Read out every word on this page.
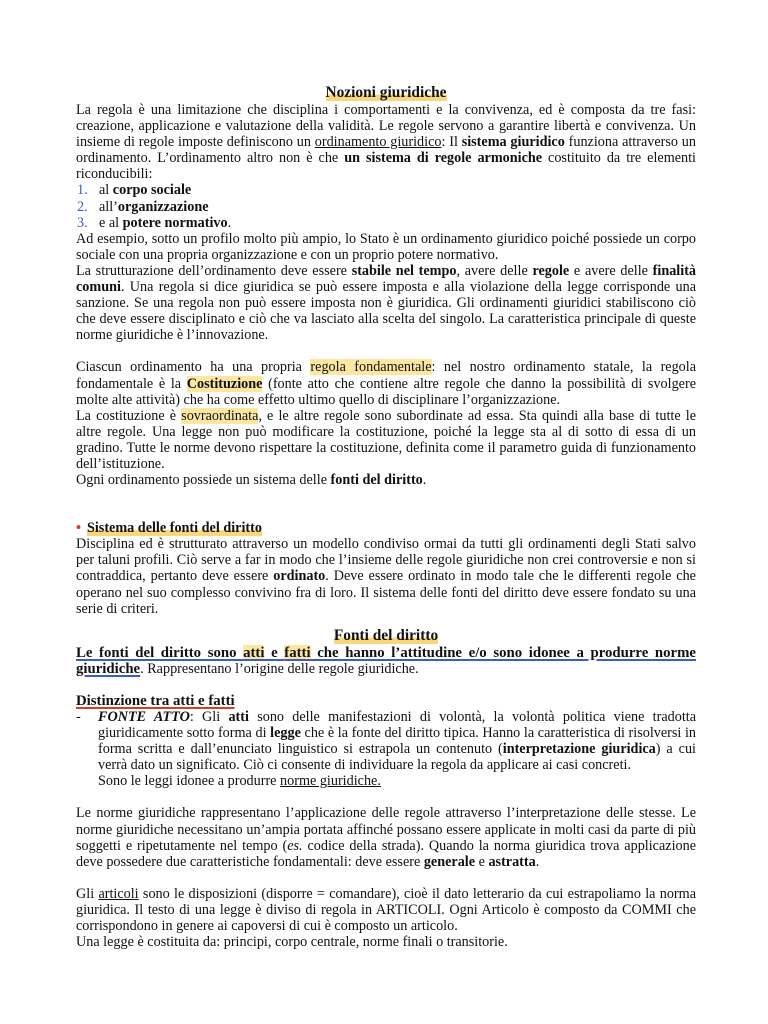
Nozioni giuridiche

La regola è una limitazione che disciplina i comportamenti e la convivenza, ed è composta da tre fasi: creazione, applicazione e valutazione della validità. Le regole servono a garantire libertà e convivenza. Un insieme di regole imposte definiscono un ordinamento giuridico: Il sistema giuridico funziona attraverso un ordinamento. L’ordinamento altro non è che un sistema di regole armoniche costituito da tre elementi riconducibili:

1. al corpo sociale
2. all’organizzazione
3. e al potere normativo.

Ad esempio, sotto un profilo molto più ampio, lo Stato è un ordinamento giuridico poiché possiede un corpo sociale con una propria organizzazione e con un proprio potere normativo.

La strutturazione dell’ordinamento deve essere stabile nel tempo, avere delle regole e avere delle finalità comuni. Una regola si dice giuridica se può essere imposta e alla violazione della legge corrisponde una sanzione. Se una regola non può essere imposta non è giuridica. Gli ordinamenti giuridici stabiliscono ciò che deve essere disciplinato e ciò che va lasciato alla scelta del singolo. La caratteristica principale di queste norme giuridiche è l’innovazione.

Ciascun ordinamento ha una propria regola fondamentale: nel nostro ordinamento statale, la regola fondamentale è la Costituzione (fonte atto che contiene altre regole che danno la possibilità di svolgere molte alte attività) che ha come effetto ultimo quello di disciplinare l’organizzazione.

La costituzione è sovraordinata, e le altre regole sono subordinate ad essa. Sta quindi alla base di tutte le altre regole. Una legge non può modificare la costituzione, poiché la legge sta al di sotto di essa di un gradino. Tutte le norme devono rispettare la costituzione, definita come il parametro guida di funzionamento dell’istituzione.

Ogni ordinamento possiede un sistema delle fonti del diritto.

• Sistema delle fonti del diritto

Disciplina ed è strutturato attraverso un modello condiviso ormai da tutti gli ordinamenti degli Stati salvo per taluni profili. Ciò serve a far in modo che l’insieme delle regole giuridiche non crei controversie e non si contraddica, pertanto deve essere ordinato. Deve essere ordinato in modo tale che le differenti regole che operano nel suo complesso convivino fra di loro. Il sistema delle fonti del diritto deve essere fondato su una serie di criteri.

Fonti del diritto

Le fonti del diritto sono atti e fatti che hanno l’attitudine e/o sono idonee a produrre norme giuridiche. Rappresentano l’origine delle regole giuridiche.

Distinzione tra atti e fatti

- FONTE ATTO: Gli atti sono delle manifestazioni di volontà, la volontà politica viene tradotta giuridicamente sotto forma di legge che è la fonte del diritto tipica. Hanno la caratteristica di risolversi in forma scritta e dall’enunciato linguistico si estrapola un contenuto (interpretazione giuridica) a cui verrà dato un significato. Ciò ci consente di individuare la regola da applicare ai casi concreti.

Sono le leggi idonee a produrre norme giuridiche.

Le norme giuridiche rappresentano l’applicazione delle regole attraverso l’interpretazione delle stesse. Le norme giuridiche necessitano un’ampia portata affinché possano essere applicate in molti casi da parte di più soggetti e ripetutamente nel tempo (es. codice della strada). Quando la norma giuridica trova applicazione deve possedere due caratteristiche fondamentali: deve essere generale e astratta.

Gli articoli sono le disposizioni (disporre = comandare), cioè il dato letterario da cui estrapoliamo la norma giuridica. Il testo di una legge è diviso di regola in ARTICOLI. Ogni Articolo è composto da COMMI che corrispondono in genere ai capoversi di cui è composto un articolo.

Una legge è costituita da: principi, corpo centrale, norme finali o transitorie.
